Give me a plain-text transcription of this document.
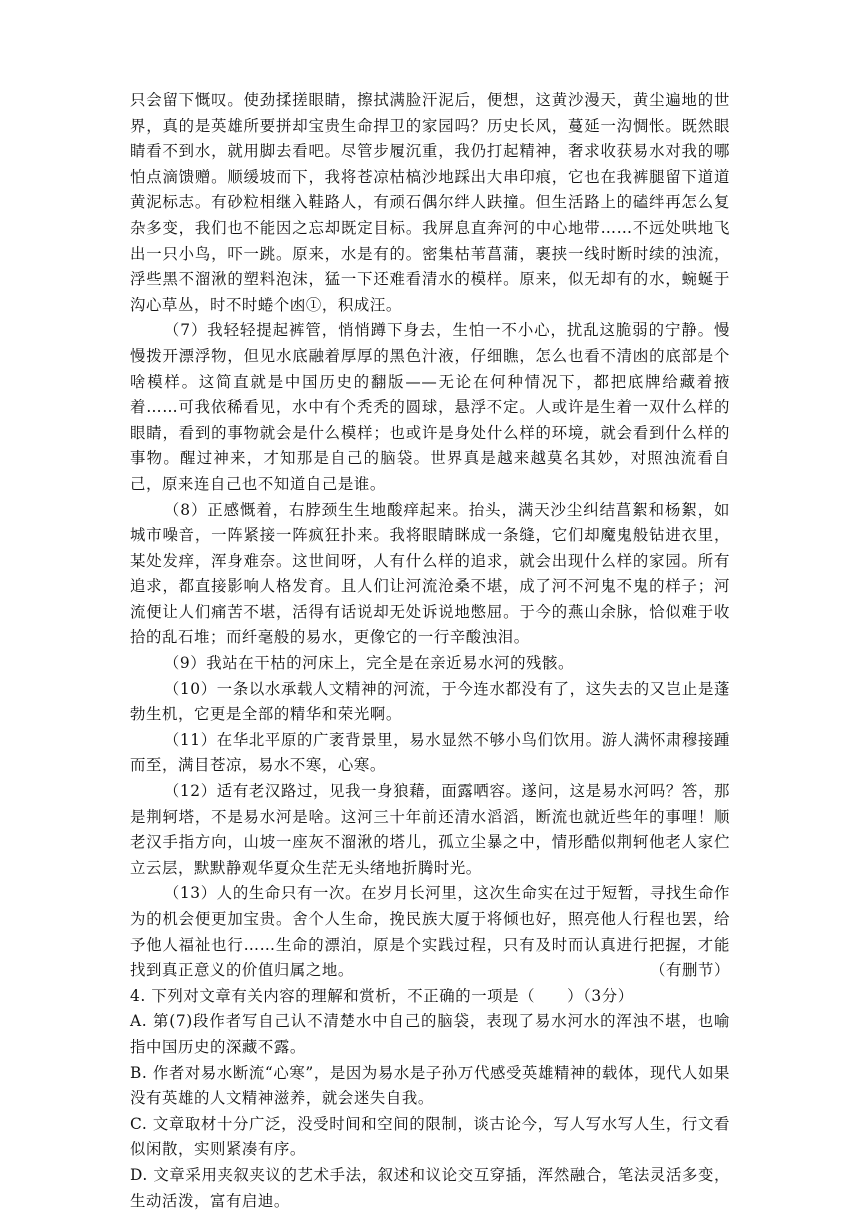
只会留下慨叹。使劲揉搓眼睛，擦拭满脸汗泥后，便想，这黄沙漫天，黄尘遍地的世界，真的是英雄所要拼却宝贵生命捍卫的家园吗？历史长风，蔓延一沟惆怅。既然眼睛看不到水，就用脚去看吧。尽管步履沉重，我仍打起精神，奢求收获易水对我的哪怕点滴馈赠。顺缓坡而下，我将苍凉枯槁沙地踩出大串印痕，它也在我裤腿留下道道黄泥标志。有砂粒相继入鞋路人，有顽石偶尔绊人趺撞。但生活路上的磕绊再怎么复杂多变，我们也不能因之忘却既定目标。我屏息直奔河的中心地带……不远处哄地飞出一只小鸟，吓一跳。原来，水是有的。密集枯苇菖蒲，裹挟一线时断时续的浊流，浮些黑不溜湫的塑料泡沫，猛一下还难看清水的模样。原来，似无却有的水，蜿蜒于沟心草丛，时不时蜷个凼①，积成汪。

（7）我轻轻提起裤管，悄悄蹲下身去，生怕一不小心，扰乱这脆弱的宁静。慢慢拨开漂浮物，但见水底融着厚厚的黑色汁液，仔细瞧，怎么也看不清凼的底部是个啥模样。这简直就是中国历史的翻版——无论在何种情况下，都把底牌给藏着掖着……可我依稀看见，水中有个秃秃的圆球，悬浮不定。人或许是生着一双什么样的眼睛，看到的事物就会是什么模样；也或许是身处什么样的环境，就会看到什么样的事物。醒过神来，才知那是自己的脑袋。世界真是越来越莫名其妙，对照浊流看自己，原来连自己也不知道自己是谁。

（8）正感慨着，右脖颈生生地酸痒起来。抬头，满天沙尘纠结菖絮和杨絮，如城市噪音，一阵紧接一阵疯狂扑来。我将眼睛眯成一条缝，它们却魔鬼般钻进衣里，某处发痒，浑身难奈。这世间呀，人有什么样的追求，就会出现什么样的家园。所有追求，都直接影响人格发育。且人们让河流沧桑不堪，成了河不河鬼不鬼的样子；河流便让人们痛苦不堪，活得有话说却无处诉说地憋屈。于今的燕山余脉，恰似难于收拾的乱石堆；而纤毫般的易水，更像它的一行辛酸浊泪。

（9）我站在干枯的河床上，完全是在亲近易水河的残骸。

（10）一条以水承载人文精神的河流，于今连水都没有了，这失去的又岂止是蓬勃生机，它更是全部的精华和荣光啊。

（11）在华北平原的广袤背景里，易水显然不够小鸟们饮用。游人满怀肃穆接踵而至，满目苍凉，易水不寒，心寒。

（12）适有老汉路过，见我一身狼藉，面露哂容。遂问，这是易水河吗？答，那是荆轲塔，不是易水河是啥。这河三十年前还清水滔滔，断流也就近些年的事哩！顺老汉手指方向，山坡一座灰不溜湫的塔儿，孤立尘暴之中，情形酷似荆轲他老人家伫立云层，默默静观华夏众生茫无头绪地折腾时光。

（13）人的生命只有一次。在岁月长河里，这次生命实在过于短暂，寻找生命作为的机会便更加宝贵。舍个人生命，挽民族大厦于将倾也好，照亮他人行程也罢，给予他人福祉也行……生命的漂泊，原是个实践过程，只有及时而认真进行把握，才能找到真正意义的价值归属之地。	（有删节）

4. 下列对文章有关内容的理解和赏析，不正确的一项是（　　）（3分）

A. 第(7)段作者写自己认不清楚水中自己的脑袋，表现了易水河水的浑浊不堪，也喻指中国历史的深藏不露。

B. 作者对易水断流“心寒”，是因为易水是子孙万代感受英雄精神的载体，现代人如果没有英雄的人文精神滋养，就会迷失自我。

C. 文章取材十分广泛，没受时间和空间的限制，谈古论今，写人写水写人生，行文看似闲散，实则紧凑有序。

D. 文章采用夹叙夹议的艺术手法，叙述和议论交互穿插，浑然融合，笔法灵活多变，生动活泼，富有启迪。
